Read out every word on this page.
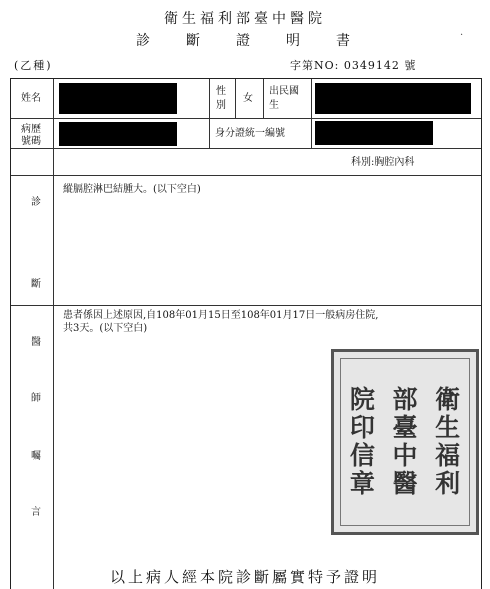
衛生福利部臺中醫院
診 斷 證 明 書	·
(乙種)	字第NO: 0349142 號
姓名
性
別
女
出民國
生
病歷
號碼
身分證統一編號
科別:胸腔內科
診
斷
縱膈腔淋巴結腫大。(以下空白)
醫
師
囑
言
患者係因上述原因,自108年01月15日至108年01月17日一般病房住院,
共3天。(以下空白)
衛
生
福
利
部
臺
中
醫
院
印
信
章
以上病人經本院診斷屬實特予證明
